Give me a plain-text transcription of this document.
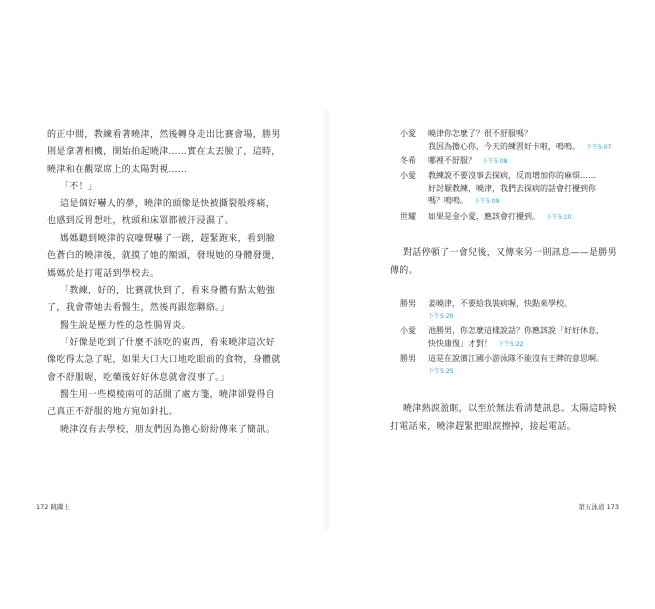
的正中間，教練看著曉津，然後轉身走出比賽會場，勝男
則是拿著相機，開始拍起曉津……實在太丟臉了，這時，
曉津和在觀眾席上的太陽對視……
「不！」
這是個好嚇人的夢，曉津的頭像是快被撕裂般疼痛，
也感到反胃想吐，枕頭和床罩都被汗浸濕了。
媽媽聽到曉津的哀嚎聲嚇了一跳，趕緊跑來，看到臉
色蒼白的曉津後，就摸了她的額頭，發現她的身體發燙，
媽媽於是打電話到學校去。
「教練，好的，比賽就快到了，看來身體有點太勉強
了，我會帶她去看醫生，然後再跟您聯絡。」
醫生說是壓力性的急性腸胃炎。
「好像是吃到了什麼不該吃的東西，看來曉津這次好
像吃得太急了呢，如果大口大口地吃眼前的食物，身體就
會不舒服喔，吃藥後好好休息就會沒事了。」
醫生用一些模棱兩可的話開了處方箋，曉津卻覺得自
己真正不舒服的地方宛如針扎。
曉津沒有去學校，朋友們因為擔心紛紛傳來了簡訊。
172 跳躍上
小愛	曉津你怎麼了？很不舒服嗎？
我因為擔心你，今天的練習好卡啦，嗚嗚。 下午5:07
冬希	哪裡不舒服？ 下午5:08
小愛	教練說不要沒事去探病，反而增加你的麻煩……
好討厭教練，曉津，我們去探病的話會打擾到你
嗎？嗚嗚。 下午5:09
世耀	如果是金小愛，應該會打擾到。 下午5:10
對話停頓了一會兒後，又傳來另一則訊息——是勝男
傳的。
勝男	姜曉津，不要給我裝病喔，快點來學校。
下午5:20
小愛	池勝男，你怎麼這樣說話？你應該說「好好休息，
快快康復」才對！ 下午5:22
勝男	這是在說濱江國小游泳隊不能沒有王牌的意思啊。
下午5:25
曉津熱淚盈眶，以至於無法看清楚訊息。太陽這時候
打電話來，曉津趕緊把眼淚擦掉，接起電話。
第五泳道 173
